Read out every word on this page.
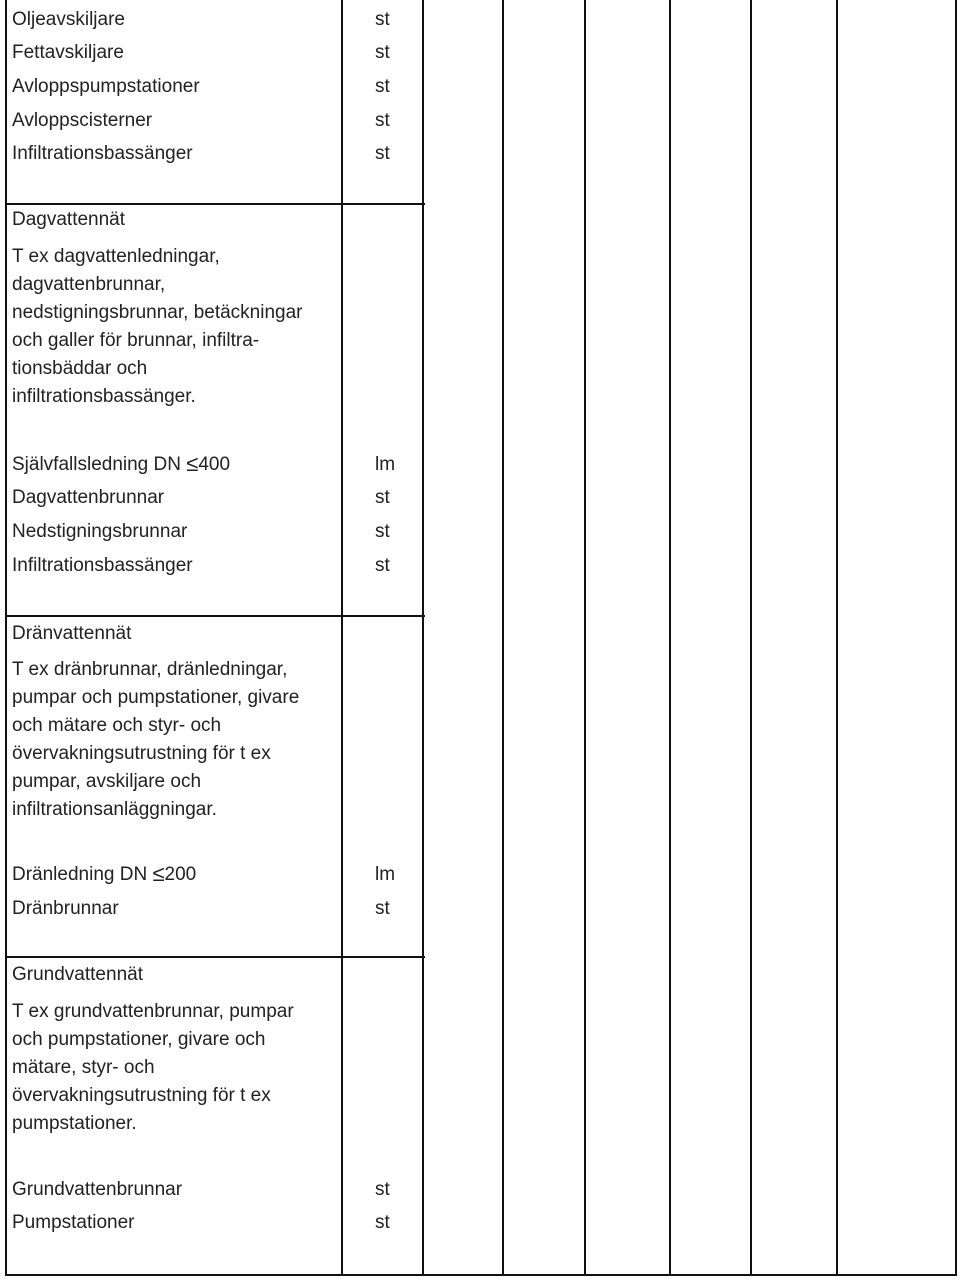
Oljeavskiljare	st
Fettavskiljare	st
Avloppspumpstationer	st
Avloppscisterner	st
Infiltrationsbassänger	st
Dagvattennät
T ex dagvattenledningar,
dagvattenbrunnar,
nedstigningsbrunnar, betäckningar
och galler för brunnar, infiltra-
tionsbäddar och
infiltrationsbassänger.
Självfallsledning DN ≤400	lm
Dagvattenbrunnar	st
Nedstigningsbrunnar	st
Infiltrationsbassänger	st
Dränvattennät
T ex dränbrunnar, dränledningar,
pumpar och pumpstationer, givare
och mätare och styr- och
övervakningsutrustning för t ex
pumpar, avskiljare och
infiltrationsanläggningar.
Dränledning DN ≤200	lm
Dränbrunnar	st
Grundvattennät
T ex grundvattenbrunnar, pumpar
och pumpstationer, givare och
mätare, styr- och
övervakningsutrustning för t ex
pumpstationer.
Grundvattenbrunnar	st
Pumpstationer	st
